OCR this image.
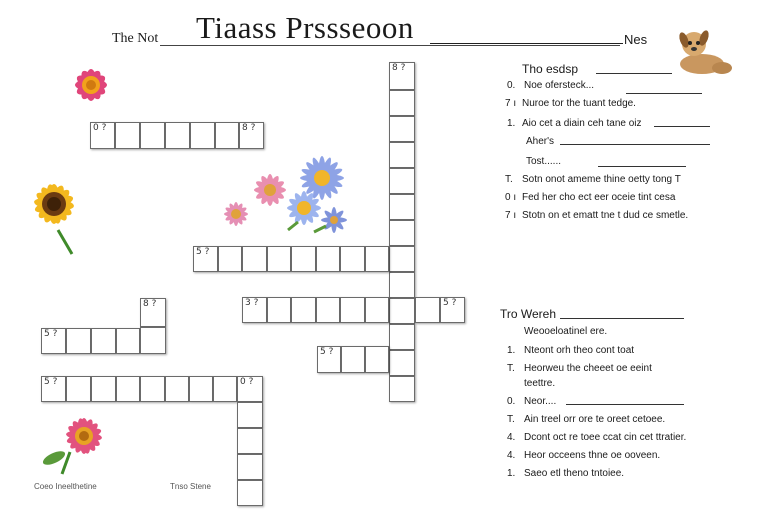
The Not Tiaass Prssseoon	Nes
8 ?
0 ?	8 ?
5 ?
3 ?	5 ?
8 ?
5 ?
5 ?
5 ?	0 ?
Tho esdsp
0. Noe ofersteck...
7 ı Nuroe tor the tuant tedge.
1. Aio cet a diain ceh tane oiz
Aher's
Tost......
T. Sotn onot ameme thine oetty tong T
0 ı Fed her cho ect eer oceie tint cesa
7 ı Stotn on et ematt tne t dud ce smetle.
Tro Wereh
Weooeloatinel ere.
1. Nteont orh theo cont toat
T. Heorweu the cheeet oe eeint
teettre.
0. Neor....
T. Ain treel orr ore te oreet cetoee.
4. Dcont oct re toee ccat cin cet ttratier.
4. Heor occeens thne oe ooveen.
1. Saeo etl theno tntoiee.
Coeo Ineelthetine	Tnso Stene
